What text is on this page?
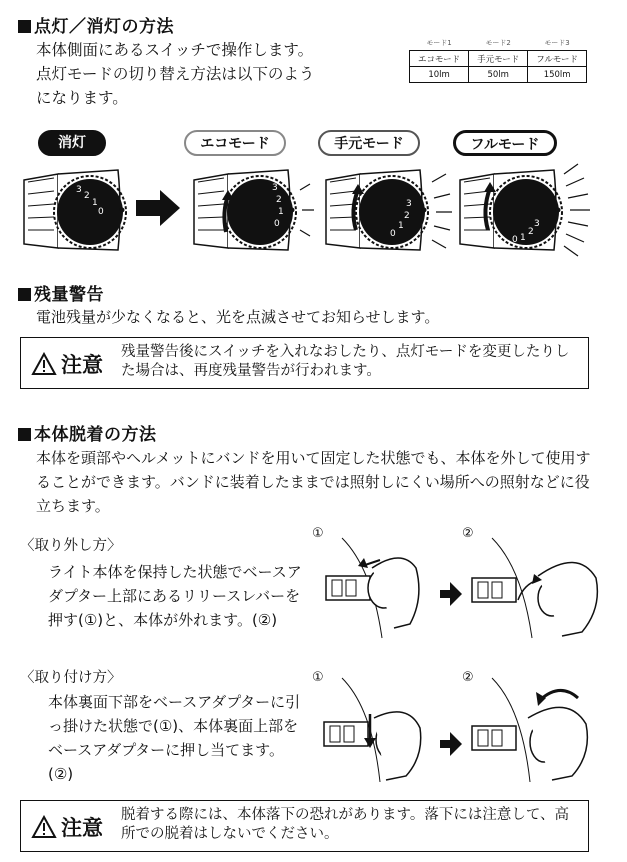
点灯／消灯の方法
本体側面にあるスイッチで操作します。点灯モードの切り替え方法は以下のようになります。
モード1	モード2	モード3
エコモード	手元モード	フルモード
10lm	50lm	150lm
消灯	エコモード	手元モード	フルモード
3
2
1
0
3
2
1
0
3
2
1
0
3
2
1
0
残量警告
電池残量が少なくなると、光を点滅させてお知らせします。
注意
残量警告後にスイッチを入れなおしたり、点灯モードを変更したりした場合は、再度残量警告が行われます。
本体脱着の方法
本体を頭部やヘルメットにバンドを用いて固定した状態でも、本体を外して使用することができます。バンドに装着したままでは照射しにくい場所への照射などに役立ちます。
〈取り外し方〉
ライト本体を保持した状態でベースアダプター上部にあるリリースレバーを押す(①)と、本体が外れます。(②)
〈取り付け方〉
本体裏面下部をベースアダプターに引っ掛けた状態で(①)、本体裏面上部をベースアダプターに押し当てます。(②)
①	②
①	②
注意
脱着する際には、本体落下の恐れがあります。落下には注意して、高所での脱着はしないでください。
